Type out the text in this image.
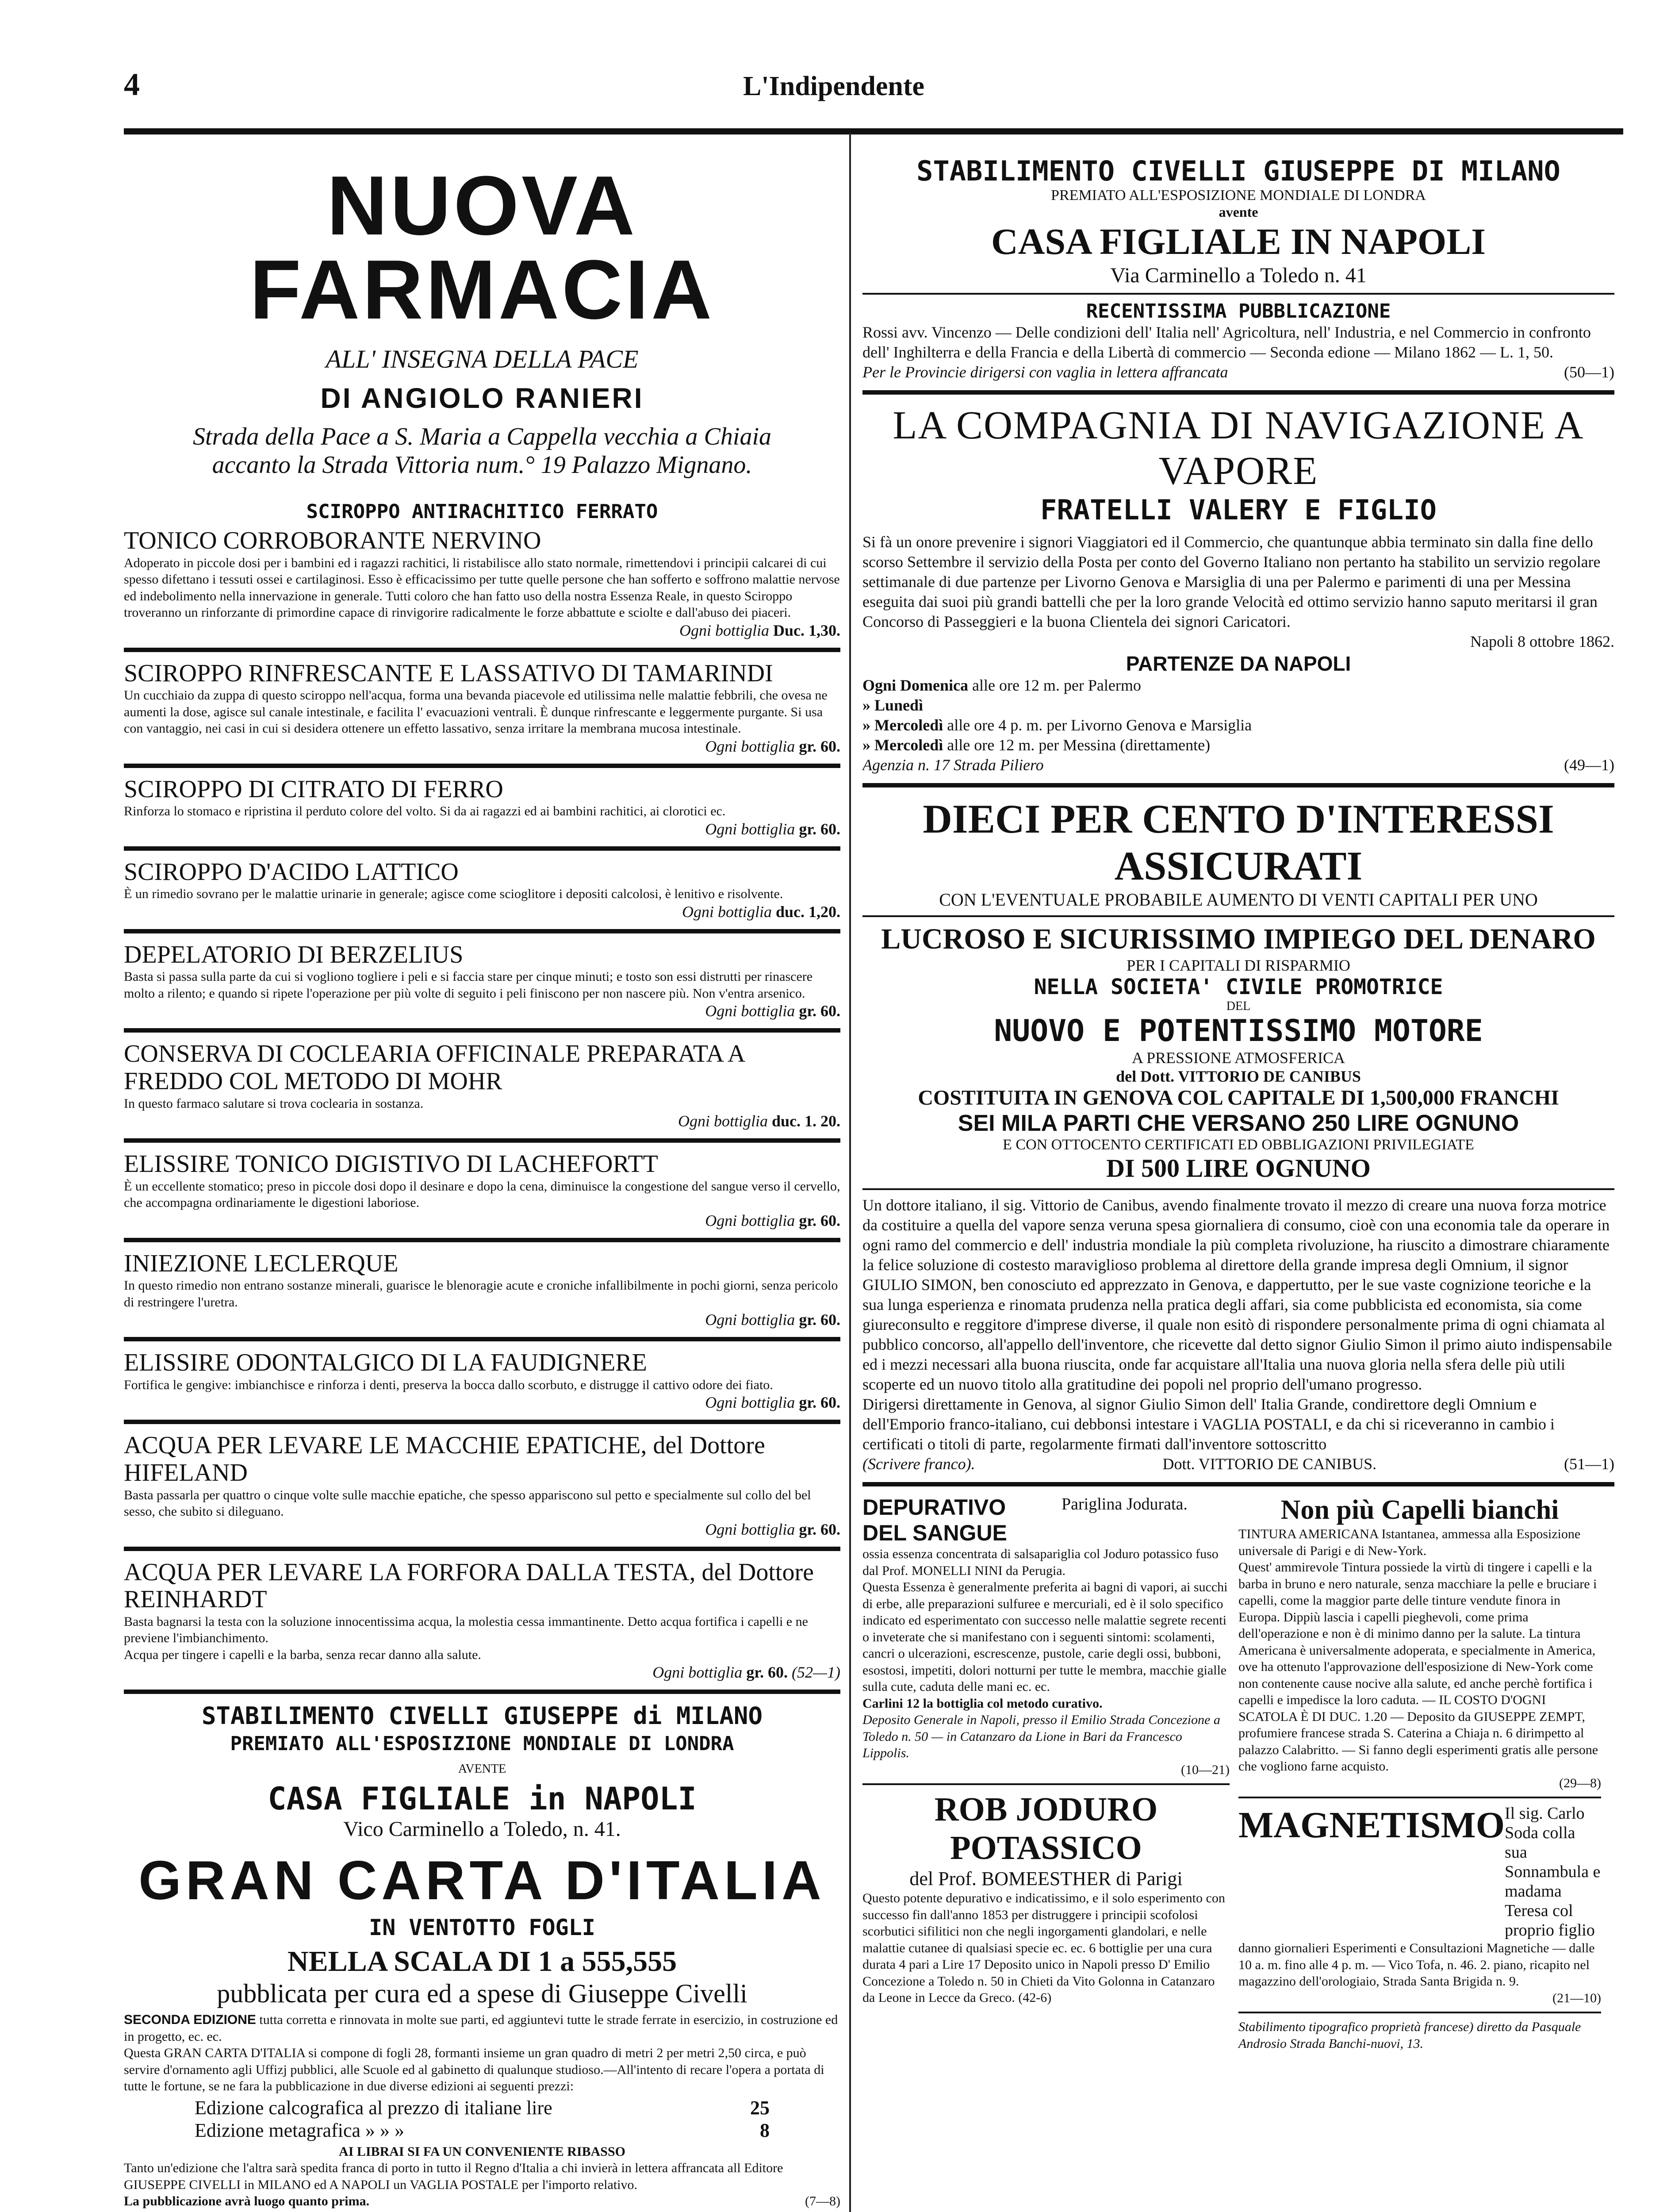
4	L'Indipendente
NUOVA FARMACIA
ALL' INSEGNA DELLA PACE
DI ANGIOLO RANIERI
Strada della Pace a S. Maria a Cappella vecchia a Chiaia
accanto la Strada Vittoria num.° 19 Palazzo Mignano.
SCIROPPO ANTIRACHITICO FERRATO
TONICO CORROBORANTE NERVINO
Adoperato in piccole dosi per i bambini ed i ragazzi rachitici, li ristabilisce allo stato normale, rimettendovi i principii calcarei di cui spesso difettano i tessuti ossei e cartilaginosi. Esso è efficacissimo per tutte quelle persone che han sofferto e soffrono malattie nervose ed indebolimento nella innervazione in generale. Tutti coloro che han fatto uso della nostra Essenza Reale, in questo Sciroppo troveranno un rinforzante di primordine capace di rinvigorire radicalmente le forze abbattute e sciolte e dall'abuso dei piaceri.
Ogni bottiglia Duc. 1,30.
SCIROPPO RINFRESCANTE E LASSATIVO DI TAMARINDI
Un cucchiaio da zuppa di questo sciroppo nell'acqua, forma una bevanda piacevole ed utilissima nelle malattie febbrili, che ovesa ne aumenti la dose, agisce sul canale intestinale, e facilita l' evacuazioni ventrali. È dunque rinfrescante e leggermente purgante. Si usa con vantaggio, nei casi in cui si desidera ottenere un effetto lassativo, senza irritare la membrana mucosa intestinale.
Ogni bottiglia gr. 60.
SCIROPPO DI CITRATO DI FERRO
Rinforza lo stomaco e ripristina il perduto colore del volto. Si da ai ragazzi ed ai bambini rachitici, ai clorotici ec.
Ogni bottiglia gr. 60.
SCIROPPO D'ACIDO LATTICO
È un rimedio sovrano per le malattie urinarie in generale; agisce come scioglitore i depositi calcolosi, è lenitivo e risolvente.
Ogni bottiglia duc. 1,20.
DEPELATORIO DI BERZELIUS
Basta si passa sulla parte da cui si vogliono togliere i peli e si faccia stare per cinque minuti; e tosto son essi distrutti per rinascere molto a rilento; e quando si ripete l'operazione per più volte di seguito i peli finiscono per non nascere più. Non v'entra arsenico.
Ogni bottiglia gr. 60.
CONSERVA DI COCLEARIA OFFICINALE PREPARATA A FREDDO COL METODO DI MOHR
In questo farmaco salutare si trova coclearia in sostanza.
Ogni bottiglia duc. 1. 20.
ELISSIRE TONICO DIGISTIVO DI LACHEFORTT
È un eccellente stomatico; preso in piccole dosi dopo il desinare e dopo la cena, diminuisce la congestione del sangue verso il cervello, che accompagna ordinariamente le digestioni laboriose.
Ogni bottiglia gr. 60.
INIEZIONE LECLERQUE
In questo rimedio non entrano sostanze minerali, guarisce le blenoragie acute e croniche infallibilmente in pochi giorni, senza pericolo di restringere l'uretra.
Ogni bottiglia gr. 60.
ELISSIRE ODONTALGICO DI LA FAUDIGNERE
Fortifica le gengive: imbianchisce e rinforza i denti, preserva la bocca dallo scorbuto, e distrugge il cattivo odore dei fiato.
Ogni bottiglia gr. 60.
ACQUA PER LEVARE LE MACCHIE EPATICHE, del Dottore HIFELAND
Basta passarla per quattro o cinque volte sulle macchie epatiche, che spesso appariscono sul petto e specialmente sul collo del bel sesso, che subito si dileguano.
Ogni bottiglia gr. 60.
ACQUA PER LEVARE LA FORFORA DALLA TESTA, del Dottore REINHARDT
Basta bagnarsi la testa con la soluzione innocentissima acqua, la molestia cessa immantinente. Detto acqua fortifica i capelli e ne previene l'imbianchimento.
Acqua per tingere i capelli e la barba, senza recar danno alla salute.
Ogni bottiglia gr. 60. (52—1)
STABILIMENTO CIVELLI GIUSEPPE di MILANO
PREMIATO ALL'ESPOSIZIONE MONDIALE DI LONDRA
AVENTE
CASA FIGLIALE in NAPOLI
Vico Carminello a Toledo, n. 41.
GRAN CARTA D'ITALIA
IN VENTOTTO FOGLI
NELLA SCALA DI 1 a 555,555
pubblicata per cura ed a spese di Giuseppe Civelli
SECONDA EDIZIONE tutta corretta e rinnovata in molte sue parti, ed aggiuntevi tutte le strade ferrate in esercizio, in costruzione ed in progetto, ec. ec.
Questa GRAN CARTA D'ITALIA si compone di fogli 28, formanti insieme un gran quadro di metri 2 per metri 2,50 circa, e può servire d'ornamento agli Uffizj pubblici, alle Scuole ed al gabinetto di qualunque studioso.—All'intento di recare l'opera a portata di tutte le fortune, se ne fara la pubblicazione in due diverse edizioni ai seguenti prezzi:
Edizione calcografica al prezzo di italiane lire	25
Edizione metagrafica » » »	8
AI LIBRAI SI FA UN CONVENIENTE RIBASSO
Tanto un'edizione che l'altra sarà spedita franca di porto in tutto il Regno d'Italia a chi invierà in lettera affrancata all Editore GIUSEPPE CIVELLI in MILANO ed A NAPOLI un VAGLIA POSTALE per l'importo relativo.
La pubblicazione avrà luogo quanto prima.	(7—8)
STABILIMENTO CIVELLI GIUSEPPE DI MILANO
PREMIATO ALL'ESPOSIZIONE MONDIALE DI LONDRA
avente
CASA FIGLIALE IN NAPOLI
Via Carminello a Toledo n. 41
RECENTISSIMA PUBBLICAZIONE
Rossi avv. Vincenzo — Delle condizioni dell' Italia nell' Agricoltura, nell' Industria, e nel Commercio in confronto dell' Inghilterra e della Francia e della Libertà di commercio — Seconda edione — Milano 1862 — L. 1, 50.
Per le Provincie dirigersi con vaglia in lettera affrancata	(50—1)
LA COMPAGNIA DI NAVIGAZIONE A VAPORE
FRATELLI VALERY E FIGLIO
Si fà un onore prevenire i signori Viaggiatori ed il Commercio, che quantunque abbia terminato sin dalla fine dello scorso Settembre il servizio della Posta per conto del Governo Italiano non pertanto ha stabilito un servizio regolare settimanale di due partenze per Livorno Genova e Marsiglia di una per Palermo e parimenti di una per Messina eseguita dai suoi più grandi battelli che per la loro grande Velocità ed ottimo servizio hanno saputo meritarsi il gran Concorso di Passeggieri e la buona Clientela dei signori Caricatori.
Napoli 8 ottobre 1862.
PARTENZE DA NAPOLI
Ogni Domenica alle ore 12 m. per Palermo
» Lunedì
» Mercoledì alle ore 4 p. m. per Livorno Genova e Marsiglia
» Mercoledì alle ore 12 m. per Messina (direttamente)
Agenzia n. 17 Strada Piliero	(49—1)
DIECI PER CENTO D'INTERESSI ASSICURATI
CON L'EVENTUALE PROBABILE AUMENTO DI VENTI CAPITALI PER UNO
LUCROSO E SICURISSIMO IMPIEGO DEL DENARO
PER I CAPITALI DI RISPARMIO
NELLA SOCIETA' CIVILE PROMOTRICE
DEL
NUOVO E POTENTISSIMO MOTORE
A PRESSIONE ATMOSFERICA
del Dott. VITTORIO DE CANIBUS
COSTITUITA IN GENOVA COL CAPITALE DI 1,500,000 FRANCHI
SEI MILA PARTI CHE VERSANO 250 LIRE OGNUNO
E CON OTTOCENTO CERTIFICATI ED OBBLIGAZIONI PRIVILEGIATE
DI 500 LIRE OGNUNO
Un dottore italiano, il sig. Vittorio de Canibus, avendo finalmente trovato il mezzo di creare una nuova forza motrice da costituire a quella del vapore senza veruna spesa giornaliera di consumo, cioè con una economia tale da operare in ogni ramo del commercio e dell' industria mondiale la più completa rivoluzione, ha riuscito a dimostrare chiaramente la felice soluzione di costesto maraviglioso problema al direttore della grande impresa degli Omnium, il signor GIULIO SIMON, ben conosciuto ed apprezzato in Genova, e dappertutto, per le sue vaste cognizione teoriche e la sua lunga esperienza e rinomata prudenza nella pratica degli affari, sia come pubblicista ed economista, sia come giureconsulto e reggitore d'imprese diverse, il quale non esitò di rispondere personalmente prima di ogni chiamata al pubblico concorso, all'appello dell'inventore, che ricevette dal detto signor Giulio Simon il primo aiuto indispensabile ed i mezzi necessari alla buona riuscita, onde far acquistare all'Italia una nuova gloria nella sfera delle più utili scoperte ed un nuovo titolo alla gratitudine dei popoli nel proprio dell'umano progresso.
Dirigersi direttamente in Genova, al signor Giulio Simon dell' Italia Grande, condirettore degli Omnium e dell'Emporio franco-italiano, cui debbonsi intestare i VAGLIA POSTALI, e da chi si riceveranno in cambio i certificati o titoli di parte, regolarmente firmati dall'inventore sottoscritto
(Scrivere franco).	Dott. VITTORIO DE CANIBUS.	(51—1)
DEPURATIVO
DEL SANGUE
Pariglina Jodurata.
ossia essenza concentrata di salsapariglia col Joduro potassico fuso dal Prof. MONELLI NINI da Perugia.
Questa Essenza è generalmente preferita ai bagni di vapori, ai succhi di erbe, alle preparazioni sulfuree e mercuriali, ed è il solo specifico indicato ed esperimentato con successo nelle malattie segrete recenti o inveterate che si manifestano con i seguenti sintomi: scolamenti, cancri o ulcerazioni, escrescenze, pustole, carie degli ossi, bubboni, esostosi, impetiti, dolori notturni per tutte le membra, macchie gialle sulla cute, caduta delle mani ec. ec.
Carlini 12 la bottiglia col metodo curativo.
Deposito Generale in Napoli, presso il Emilio Strada Concezione a Toledo n. 50 — in Catanzaro da Lione in Bari da Francesco Lippolis.
(10—21)
ROB JODURO POTASSICO
del Prof. BOMEESTHER di Parigi
Questo potente depurativo e indicatissimo, e il solo esperimento con successo fin dall'anno 1853 per distruggere i principii scofolosi scorbutici sifilitici non che negli ingorgamenti glandolari, e nelle malattie cutanee di qualsiasi specie ec. ec. 6 bottiglie per una cura durata 4 pari a Lire 17 Deposito unico in Napoli presso D' Emilio Concezione a Toledo n. 50 in Chieti da Vito Golonna in Catanzaro da Leone in Lecce da Greco. (42-6)
Non più Capelli bianchi
TINTURA AMERICANA Istantanea, ammessa alla Esposizione universale di Parigi e di New-York.
Quest' ammirevole Tintura possiede la virtù di tingere i capelli e la barba in bruno e nero naturale, senza macchiare la pelle e bruciare i capelli, come la maggior parte delle tinture vendute finora in Europa. Dippiù lascia i capelli pieghevoli, come prima dell'operazione e non è di minimo danno per la salute. La tintura Americana è universalmente adoperata, e specialmente in America, ove ha ottenuto l'approvazione dell'esposizione di New-York come non contenente cause nocive alla salute, ed anche perchè fortifica i capelli e impedisce la loro caduta. — IL COSTO D'OGNI SCATOLA È DI DUC. 1.20 — Deposito da GIUSEPPE ZEMPT, profumiere francese strada S. Caterina a Chiaja n. 6 dirimpetto al palazzo Calabritto. — Si fanno degli esperimenti gratis alle persone che vogliono farne acquisto.
(29—8)
MAGNETISMO Il sig. Carlo Soda colla sua Sonnambula e madama Teresa col proprio figlio
danno giornalieri Esperimenti e Consultazioni Magnetiche — dalle 10 a. m. fino alle 4 p. m. — Vico Tofa, n. 46. 2. piano, ricapito nel magazzino dell'orologiaio, Strada Santa Brigida n. 9.
(21—10)
Stabilimento tipografico proprietà francese) diretto da Pasquale Androsio Strada Banchi-nuovi, 13.
